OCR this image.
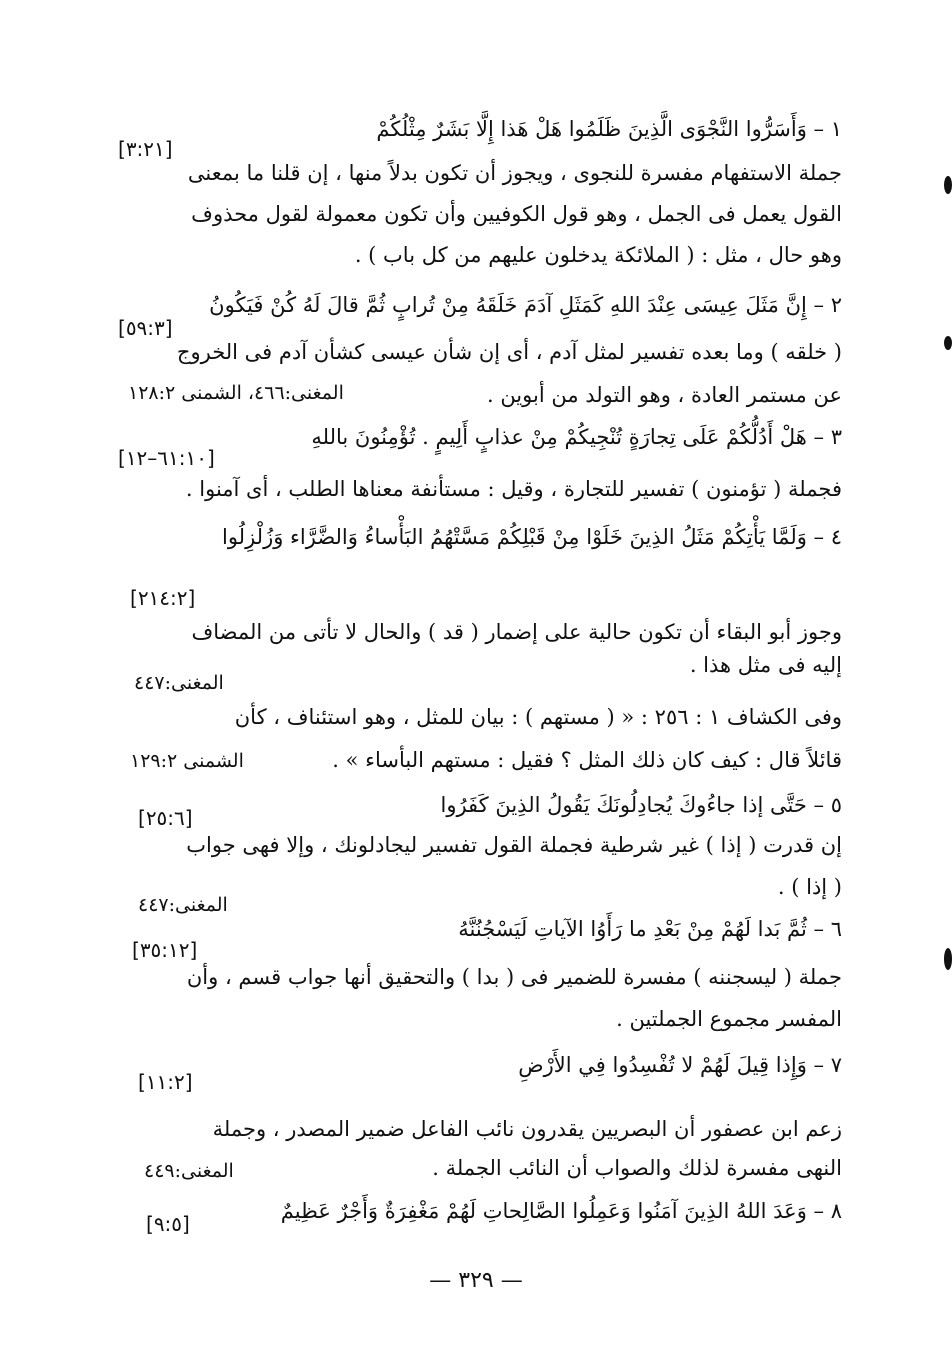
١ – وَأَسَرُّوا النَّجْوَى الَّذِينَ ظَلَمُوا هَلْ هَذا إِلَّا بَشَرٌ مِثْلُكُمْ
[٣:٢١]
جملة الاستفهام مفسرة للنجوى ، ويجوز أن تكون بدلاً منها ، إن قلنا ما بمعنى
القول يعمل فى الجمل ، وهو قول الكوفيين وأن تكون معمولة لقول محذوف
وهو حال ، مثل : ( الملائكة يدخلون عليهم من كل باب ) .
٢ – إِنَّ مَثَلَ عِيسَى عِنْدَ اللهِ كَمَثَلِ آدَمَ خَلَقَهُ مِنْ تُرابٍ ثُمَّ قالَ لَهُ كُنْ فَيَكُونُ
[٥٩:٣]
( خلقه ) وما بعده تفسير لمثل آدم ، أى إن شأن عيسى كشأن آدم فى الخروج
عن مستمر العادة ، وهو التولد من أبوين .
المغنى:٤٦٦، الشمنى ١٢٨:٢
٣ – هَلْ أَدُلُّكُمْ عَلَى تِجارَةٍ تُنْجِيكُمْ مِنْ عذابٍ أَلِيمٍ . تُؤْمِنُونَ باللهِ
[٦١:١٠–١٢]
فجملة ( تؤمنون ) تفسير للتجارة ، وقيل : مستأنفة معناها الطلب ، أى آمنوا .
٤ – وَلَمَّا يَأْتِكُمْ مَثَلُ الذِينَ خَلَوْا مِنْ قَبْلِكُمْ مَسَّتْهُمُ البَأْساءُ وَالضَّرَّاء وَزُلْزِلُوا
[٢١٤:٢]
وجوز أبو البقاء أن تكون حالية على إضمار ( قد ) والحال لا تأتى من المضاف
إليه فى مثل هذا .
المغنى:٤٤٧
وفى الكشاف ١ : ٢٥٦ : « ( مستهم ) : بيان للمثل ، وهو استئناف ، كأن
قائلاً قال : كيف كان ذلك المثل ؟ فقيل : مستهم البأساء » .
الشمنى ١٢٩:٢
٥ – حَتَّى إذا جاءُوكَ يُجادِلُونَكَ يَقُولُ الذِينَ كَفَرُوا
[٢٥:٦]
إن قدرت ( إذا ) غير شرطية فجملة القول تفسير ليجادلونك ، وإلا فهى جواب
( إذا ) .
المغنى:٤٤٧
٦ – ثُمَّ بَدا لَهُمْ مِنْ بَعْدِ ما رَأَوُا الآياتِ لَيَسْجُنُنَّهُ
[٣٥:١٢]
جملة ( ليسجننه ) مفسرة للضمير فى ( بدا ) والتحقيق أنها جواب قسم ، وأن
المفسر مجموع الجملتين .
٧ – وَإِذا قِيلَ لَهُمْ لا تُفْسِدُوا فِي الأَرْضِ
[١١:٢]
زعم ابن عصفور أن البصريين يقدرون نائب الفاعل ضمير المصدر ، وجملة
النهى مفسرة لذلك والصواب أن النائب الجملة .
المغنى:٤٤٩
٨ – وَعَدَ اللهُ الذِينَ آمَنُوا وَعَمِلُوا الصَّالِحاتِ لَهُمْ مَغْفِرَةٌ وَأَجْرٌ عَظِيمٌ
[٩:٥]
— ٣٢٩ —
